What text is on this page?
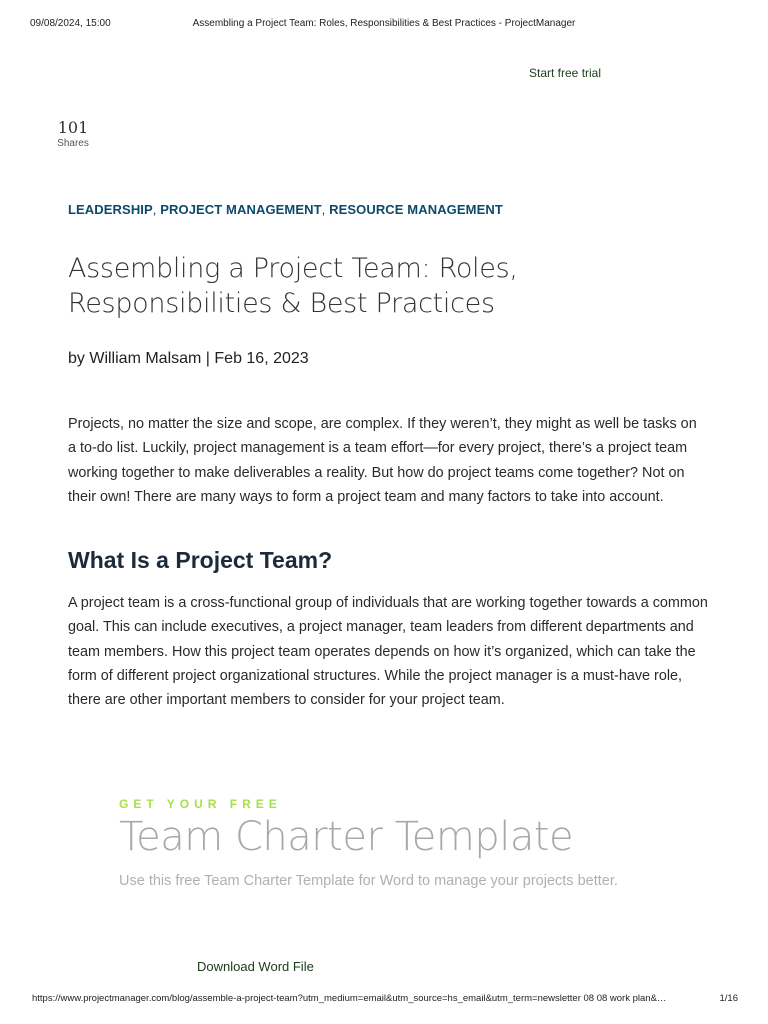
09/08/2024, 15:00	Assembling a Project Team: Roles, Responsibilities & Best Practices - ProjectManager
Start free trial
101
Shares
LEADERSHIP, PROJECT MANAGEMENT, RESOURCE MANAGEMENT
Assembling a Project Team: Roles,
Responsibilities & Best Practices
by William Malsam | Feb 16, 2023

Projects, no matter the size and scope, are complex. If they weren’t, they might as well be tasks on a to-do list. Luckily, project management is a team effort—for every project, there’s a project team working together to make deliverables a reality. But how do project teams come together? Not on their own! There are many ways to form a project team and many factors to take into account.

What Is a Project Team?

A project team is a cross-functional group of individuals that are working together towards a common goal. This can include executives, a project manager, team leaders from different departments and team members. How this project team operates depends on how it’s organized, which can take the form of different project organizational structures. While the project manager is a must-have role, there are other important members to consider for your project team.

GET YOUR FREE
Team Charter Template
Use this free Team Charter Template for Word to manage your projects better.
Download Word File
https://www.projectmanager.com/blog/assemble-a-project-team?utm_medium=email&utm_source=hs_email&utm_term=newsletter 08 08 work plan&…	1/16
